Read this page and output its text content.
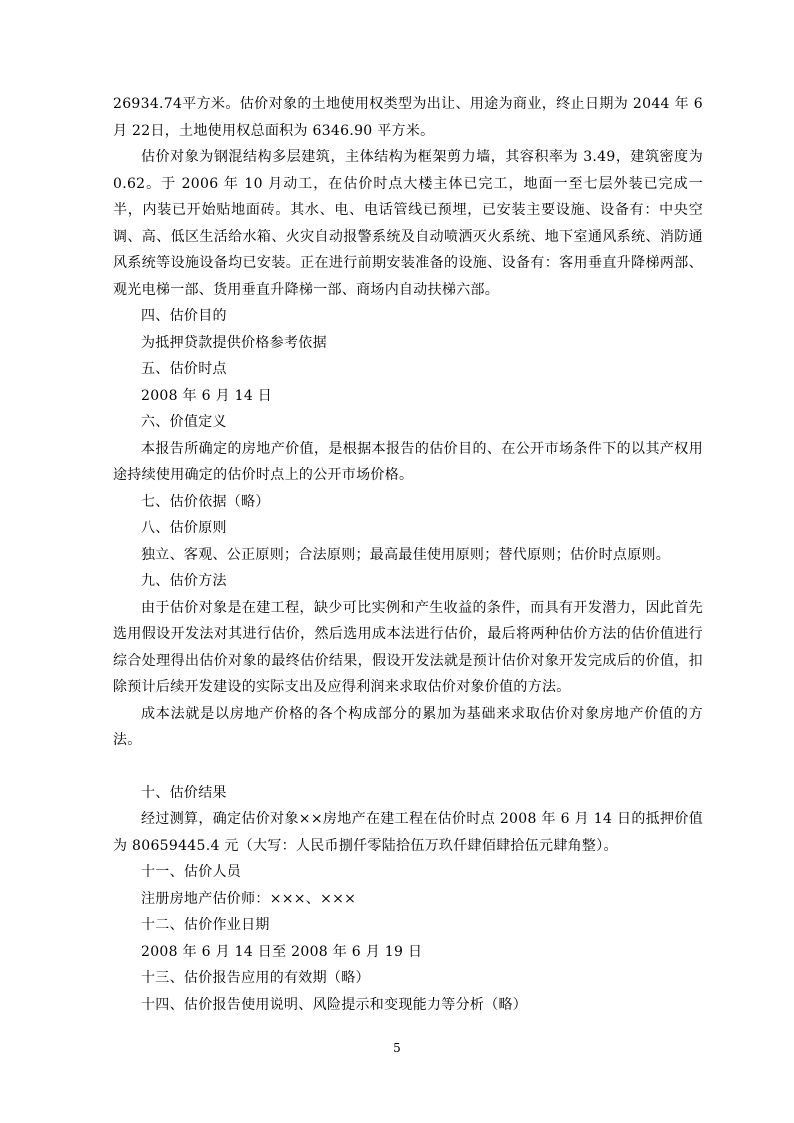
26934.74平方米。估价对象的土地使用权类型为出让、用途为商业，终止日期为 2044 年 6 月 22日，土地使用权总面积为 6346.90 平方米。

估价对象为钢混结构多层建筑，主体结构为框架剪力墙，其容积率为 3.49，建筑密度为 0.62。于 2006 年 10 月动工，在估价时点大楼主体已完工，地面一至七层外装已完成一半，内装已开始贴地面砖。其水、电、电话管线已预埋，已安装主要设施、设备有：中央空调、高、低区生活给水箱、火灾自动报警系统及自动喷洒灭火系统、地下室通风系统、消防通风系统等设施设备均已安装。正在进行前期安装准备的设施、设备有：客用垂直升降梯两部、观光电梯一部、货用垂直升降梯一部、商场内自动扶梯六部。

四、估价目的

为抵押贷款提供价格参考依据

五、估价时点

2008 年 6 月 14 日

六、价值定义

本报告所确定的房地产价值，是根据本报告的估价目的、在公开市场条件下的以其产权用途持续使用确定的估价时点上的公开市场价格。

七、估价依据（略）

八、估价原则

独立、客观、公正原则；合法原则；最高最佳使用原则；替代原则；估价时点原则。

九、估价方法

由于估价对象是在建工程，缺少可比实例和产生收益的条件，而具有开发潜力，因此首先选用假设开发法对其进行估价，然后选用成本法进行估价，最后将两种估价方法的估价值进行综合处理得出估价对象的最终估价结果，假设开发法就是预计估价对象开发完成后的价值，扣除预计后续开发建设的实际支出及应得利润来求取估价对象价值的方法。

成本法就是以房地产价格的各个构成部分的累加为基础来求取估价对象房地产价值的方法。

十、估价结果

经过测算，确定估价对象××房地产在建工程在估价时点 2008 年 6 月 14 日的抵押价值为 80659445.4 元（大写：人民币捌仟零陆拾伍万玖仟肆佰肆拾伍元肆角整）。

十一、估价人员

注册房地产估价师：×××、×××

十二、估价作业日期

2008 年 6 月 14 日至 2008 年 6 月 19 日

十三、估价报告应用的有效期（略）

十四、估价报告使用说明、风险提示和变现能力等分析（略）

5
